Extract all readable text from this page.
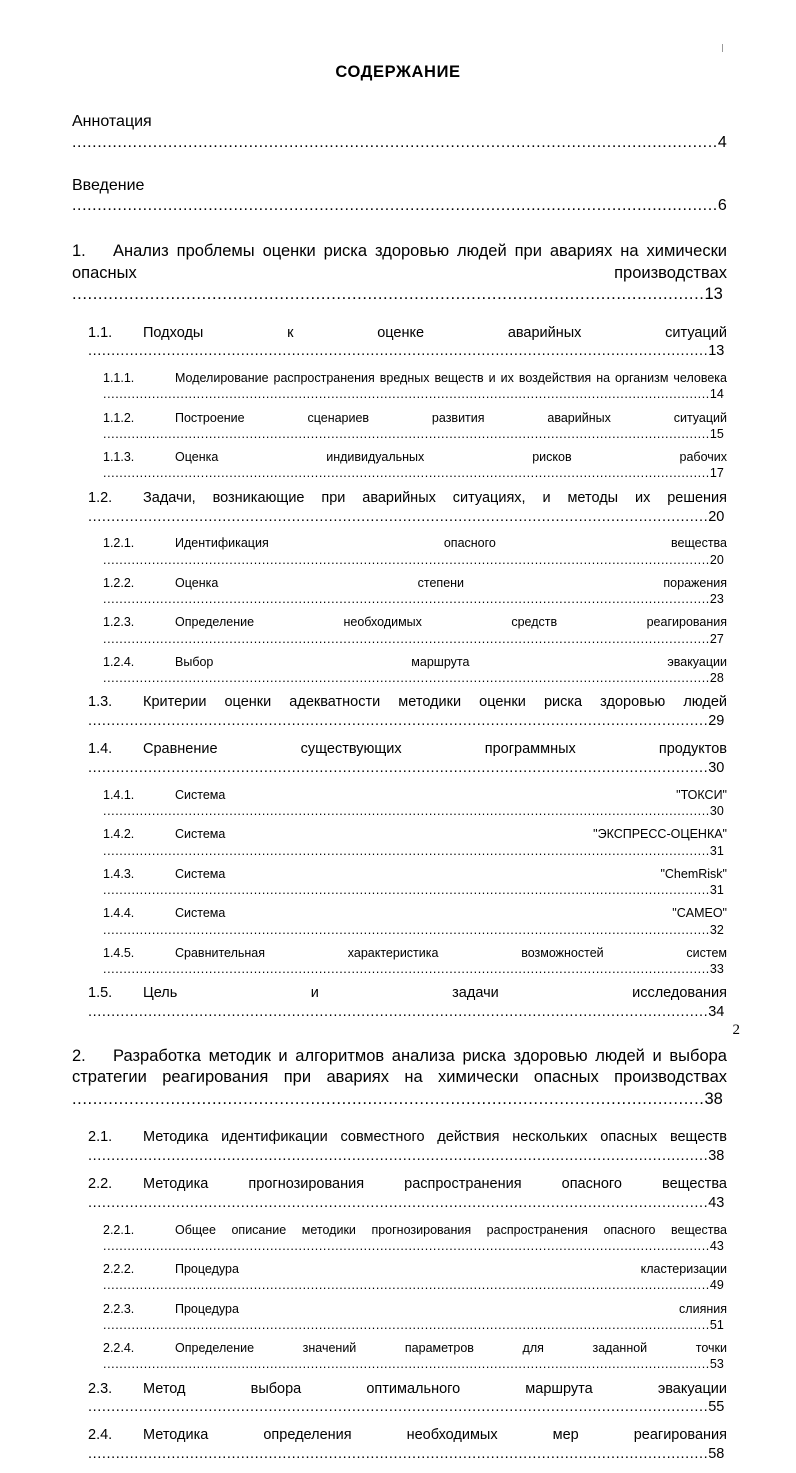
СОДЕРЖАНИЕ
Аннотация ................................................................................................................................4
Введение ................................................................................................................................6
1. Анализ проблемы оценки риска здоровью людей при авариях на химически опасных производствах ..........................................................................................................................13
1.1. Подходы к оценке аварийных ситуаций ......................................................................................................................................13
1.1.1.	Моделирование распространения вредных веществ и их воздействия на организм человека .....................................................................................................................................................14
1.1.2.	Построение сценариев развития аварийных ситуаций .....................................................................................................................................................15
1.1.3.	Оценка индивидуальных рисков рабочих .....................................................................................................................................................17
1.2. Задачи, возникающие при аварийных ситуациях, и методы их решения ......................................................................................................................................20
1.2.1.	Идентификация опасного вещества .....................................................................................................................................................20
1.2.2.	Оценка степени поражения .....................................................................................................................................................23
1.2.3.	Определение необходимых средств реагирования .....................................................................................................................................................27
1.2.4.	Выбор маршрута эвакуации .....................................................................................................................................................28
1.3. Критерии оценки адекватности методики оценки риска здоровью людей ......................................................................................................................................29
1.4. Сравнение существующих программных продуктов ......................................................................................................................................30
1.4.1.	Система "ТОКСИ" .....................................................................................................................................................30
1.4.2.	Система "ЭКСПРЕСС-ОЦЕНКА" .....................................................................................................................................................31
1.4.3.	Система "ChemRisk" .....................................................................................................................................................31
1.4.4.	Система "CAMEO" .....................................................................................................................................................32
1.4.5.	Сравнительная характеристика возможностей систем .....................................................................................................................................................33
1.5. Цель и задачи исследования ......................................................................................................................................34
2. Разработка методик и алгоритмов анализа риска здоровью людей и выбора стратегии реагирования при авариях на химически опасных производствах ..........................................................................................................................38
2.1. Методика идентификации совместного действия нескольких опасных веществ ......................................................................................................................................38
2.2. Методика прогнозирования распространения опасного вещества ......................................................................................................................................43
2.2.1.	Общее описание методики прогнозирования распространения опасного вещества .....................................................................................................................................................43
2.2.2.	Процедура кластеризации .....................................................................................................................................................49
2.2.3.	Процедура слияния .....................................................................................................................................................51
2.2.4.	Определение значений параметров для заданной точки .....................................................................................................................................................53
2.3. Метод выбора оптимального маршрута эвакуации ......................................................................................................................................55
2.4. Методика определения необходимых мер реагирования ......................................................................................................................................58
2
